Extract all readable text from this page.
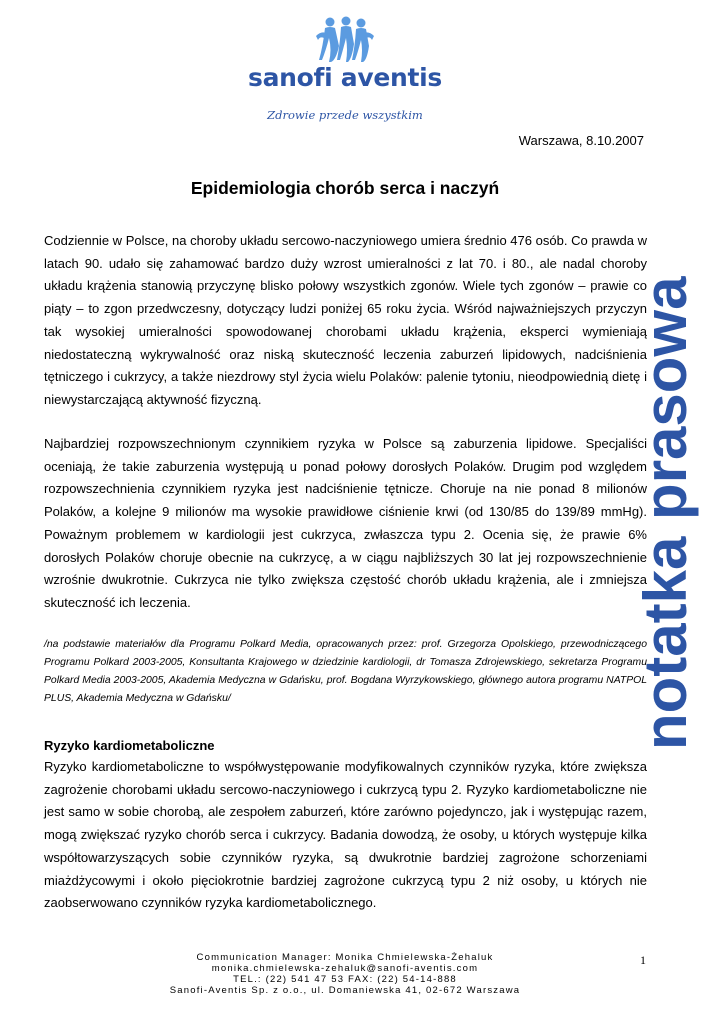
sanofi aventis
Zdrowie przede wszystkim
Warszawa, 8.10.2007
Epidemiologia chorób serca i naczyń

Codziennie w Polsce, na choroby układu sercowo-naczyniowego umiera średnio 476 osób. Co prawda w latach 90. udało się zahamować bardzo duży wzrost umieralności z lat 70. i 80., ale nadal choroby układu krążenia stanowią przyczynę blisko połowy wszystkich zgonów. Wiele tych zgonów – prawie co piąty – to zgon przedwczesny, dotyczący ludzi poniżej 65 roku życia. Wśród najważniejszych przyczyn tak wysokiej umieralności spowodowanej chorobami układu krążenia, eksperci wymieniają niedostateczną wykrywalność oraz niską skuteczność leczenia zaburzeń lipidowych, nadciśnienia tętniczego i cukrzycy, a także niezdrowy styl życia wielu Polaków: palenie tytoniu, nieodpowiednią dietę i niewystarczającą aktywność fizyczną.

Najbardziej rozpowszechnionym czynnikiem ryzyka w Polsce są zaburzenia lipidowe. Specjaliści oceniają, że takie zaburzenia występują u ponad połowy dorosłych Polaków. Drugim pod względem rozpowszechnienia czynnikiem ryzyka jest nadciśnienie tętnicze. Choruje na nie ponad 8 milionów Polaków, a kolejne 9 milionów ma wysokie prawidłowe ciśnienie krwi (od 130/85 do 139/89 mmHg). Poważnym problemem w kardiologii jest cukrzyca, zwłaszcza typu 2. Ocenia się, że prawie 6% dorosłych Polaków choruje obecnie na cukrzycę, a w ciągu najbliższych 30 lat jej rozpowszechnienie wzrośnie dwukrotnie. Cukrzyca nie tylko zwiększa częstość chorób układu krążenia, ale i zmniejsza skuteczność ich leczenia.

/na podstawie materiałów dla Programu Polkard Media, opracowanych przez: prof. Grzegorza Opolskiego, przewodniczącego Programu Polkard 2003-2005, Konsultanta Krajowego w dziedzinie kardiologii, dr Tomasza Zdrojewskiego, sekretarza Programu Polkard Media 2003-2005, Akademia Medyczna w Gdańsku, prof. Bogdana Wyrzykowskiego, głównego autora programu NATPOL PLUS, Akademia Medyczna w Gdańsku/

Ryzyko kardiometaboliczne

Ryzyko kardiometaboliczne to współwystępowanie modyfikowalnych czynników ryzyka, które zwiększa zagrożenie chorobami układu sercowo-naczyniowego i cukrzycą typu 2. Ryzyko kardiometaboliczne nie jest samo w sobie chorobą, ale zespołem zaburzeń, które zarówno pojedynczo, jak i występując razem, mogą zwiększać ryzyko chorób serca i cukrzycy. Badania dowodzą, że osoby, u których występuje kilka współtowarzyszących sobie czynników ryzyka, są dwukrotnie bardziej zagrożone schorzeniami miażdżycowymi i około pięciokrotnie bardziej zagrożone cukrzycą typu 2 niż osoby, u których nie zaobserwowano czynników ryzyka kardiometabolicznego.

notatka prasowa
Communication Manager: Monika Chmielewska-Żehaluk
monika.chmielewska-zehaluk@sanofi-aventis.com
TEL.: (22) 541 47 53 FAX: (22) 54-14-888
Sanofi-Aventis Sp. z o.o., ul. Domaniewska 41, 02-672 Warszawa
1
